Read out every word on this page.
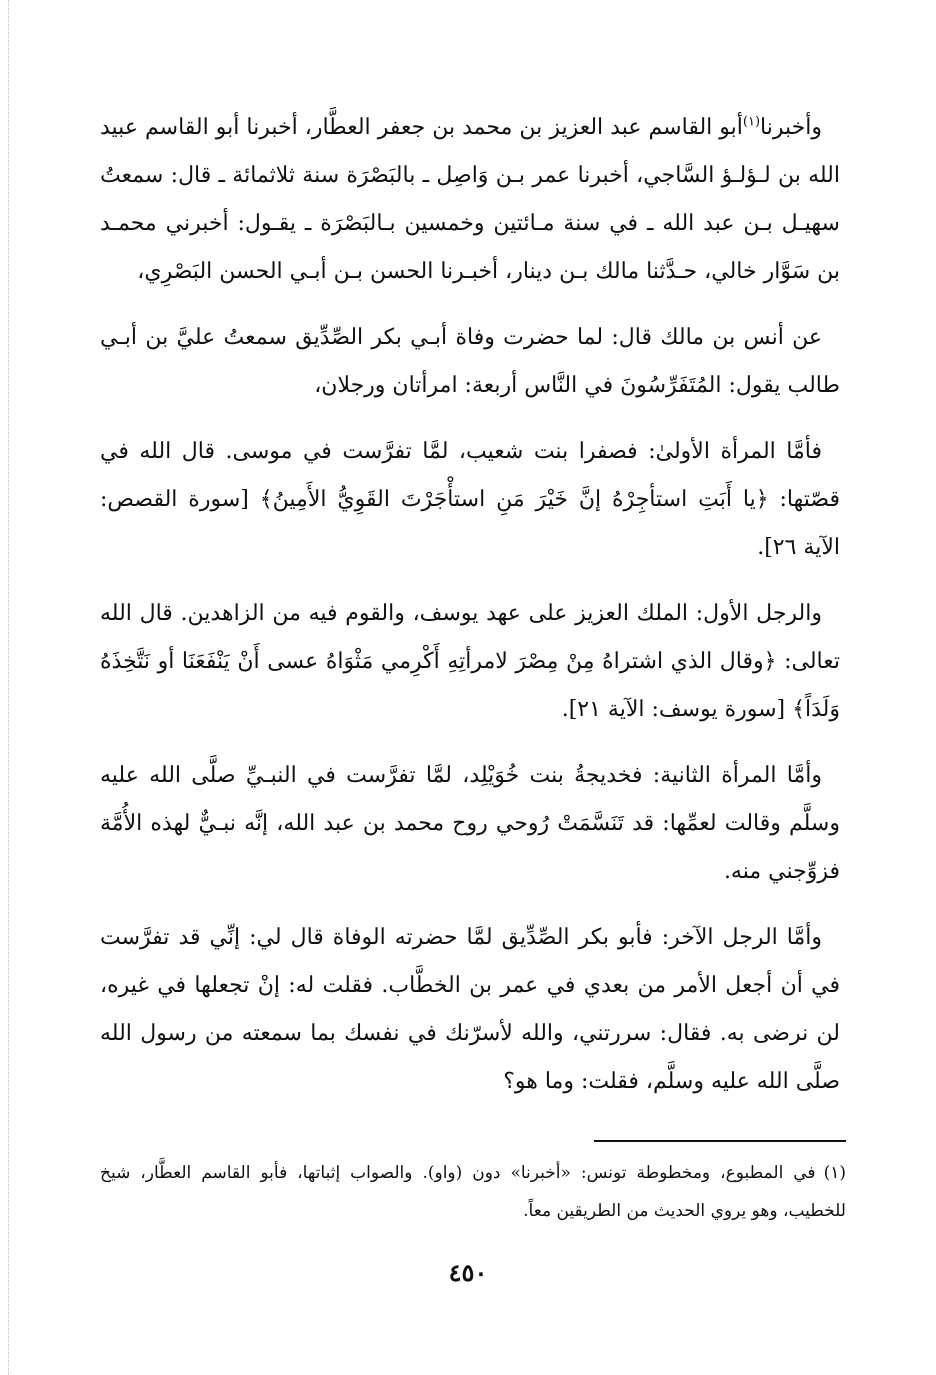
وأخبرنا$^{(١)}$أبو القاسم عبد العزيز بن محمد بن جعفر العطَّار، أخبرنا أبو القاسم عبيد الله بن لـؤلـؤ السَّاجي، أخبرنا عمر بـن وَاصِل ـ بالبَصْرَة سنة ثلاثمائة ـ قال: سمعتُ سهيـل بـن عبد الله ـ في سنة مـائتين وخمسين بـالبَصْرَة ـ يقـول: أخبرني محمـد بن سَوَّار خالي، حـدَّثنا مالك بـن دينار، أخبـرنا الحسن بـن أبـي الحسن البَصْرِي،

عن أنس بن مالك قال: لما حضرت وفاة أبـي بكر الصِّدِّيق سمعتُ عليَّ بن أبـي طالب يقول: المُتَفَرِّسُونَ في النَّاس أربعة: امرأتان ورجلان،

فأمَّا المرأة الأولىٰ: فصفرا بنت شعيب، لمَّا تفرَّست في موسى. قال الله في قصّتها: ﴿يا أَبَتِ استأجِرْهُ إنَّ خَيْرَ مَنِ استأْجَرْتَ القَوِيُّ الأَمِينُ﴾ [سورة القصص: الآية ٢٦].

والرجل الأول: الملك العزيز على عهد يوسف، والقوم فيه من الزاهدين. قال الله تعالى: ﴿وقال الذي اشتراهُ مِنْ مِصْرَ لامرأتِهِ أَكْرِمي مَثْوَاهُ عسى أَنْ يَنْفَعَنَا أو نَتَّخِذَهُ وَلَدَاً﴾ [سورة يوسف: الآية ٢١].

وأمَّا المرأة الثانية: فخديجةُ بنت خُوَيْلِد، لمَّا تفرَّست في النبـيِّ صلَّى الله عليه وسلَّم وقالت لعمِّها: قد تَنَسَّمَتْ رُوحي روح محمد بن عبد الله، إنَّه نبـيٌّ لهذه الأُمَّة فزوِّجني منه.

وأمَّا الرجل الآخر: فأبو بكر الصِّدِّيق لمَّا حضرته الوفاة قال لي: إنِّي قد تفرَّست في أن أجعل الأمر من بعدي في عمر بن الخطَّاب. فقلت له: إنْ تجعلها في غيره، لن نرضى به. فقال: سررتني، والله لأسرّنك في نفسك بما سمعته من رسول الله صلَّى الله عليه وسلَّم، فقلت: وما هو؟

(١)في المطبوع، ومخطوطة تونس: «أخبرنا» دون (واو). والصواب إثباتها، فأبو القاسم العطَّار، شيخ للخطيب، وهو يروي الحديث من الطريقين معاً.
٤٥٠
